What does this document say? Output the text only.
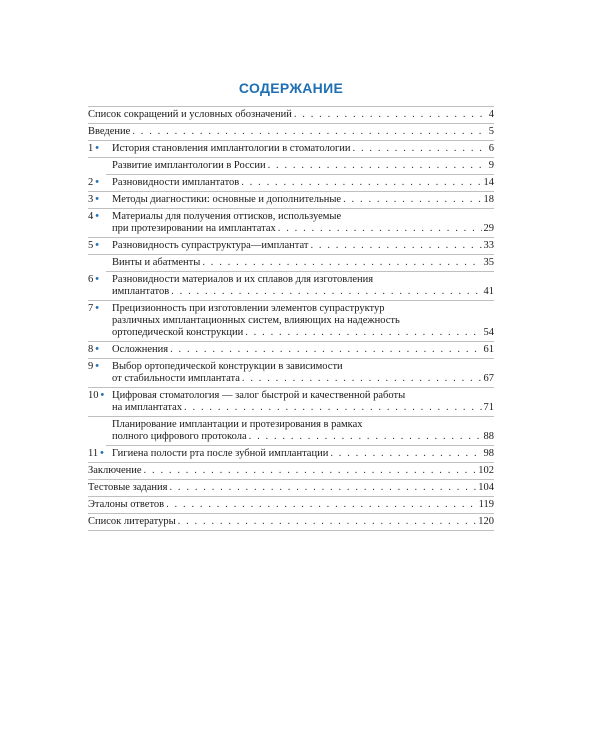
СОДЕРЖАНИЕ
Список сокращений и условных обозначений . . .	4
Введение . . .	5
1 • История становления имплантологии в стоматологии . . .	6
Развитие имплантологии в России . . .	9
2 • Разновидности имплантатов . . .	14
3 • Методы диагностики: основные и дополнительные . . .	18
4 • Материалы для получения оттисков, используемые
при протезировании на имплантатах . . .	29
5 • Разновидность супраструктура—имплантат . . .	33
Винты и абатменты . . .	35
6 • Разновидности материалов и их сплавов для изготовления
имплантатов . . .	41
7 • Прецизионность при изготовлении элементов супраструктур
различных имплантационных систем, влияющих на надежность
ортопедической конструкции . . .	54
8 • Осложнения . . .	61
9 • Выбор ортопедической конструкции в зависимости
от стабильности имплантата . . .	67
10 • Цифровая стоматология — залог быстрой и качественной работы
на имплантатах . . .	71
Планирование имплантации и протезирования в рамках
полного цифрового протокола . . .	88
11 • Гигиена полости рта после зубной имплантации . . .	98
Заключение . . .	102
Тестовые задания . . .	104
Эталоны ответов . . .	119
Список литературы . . .	120
